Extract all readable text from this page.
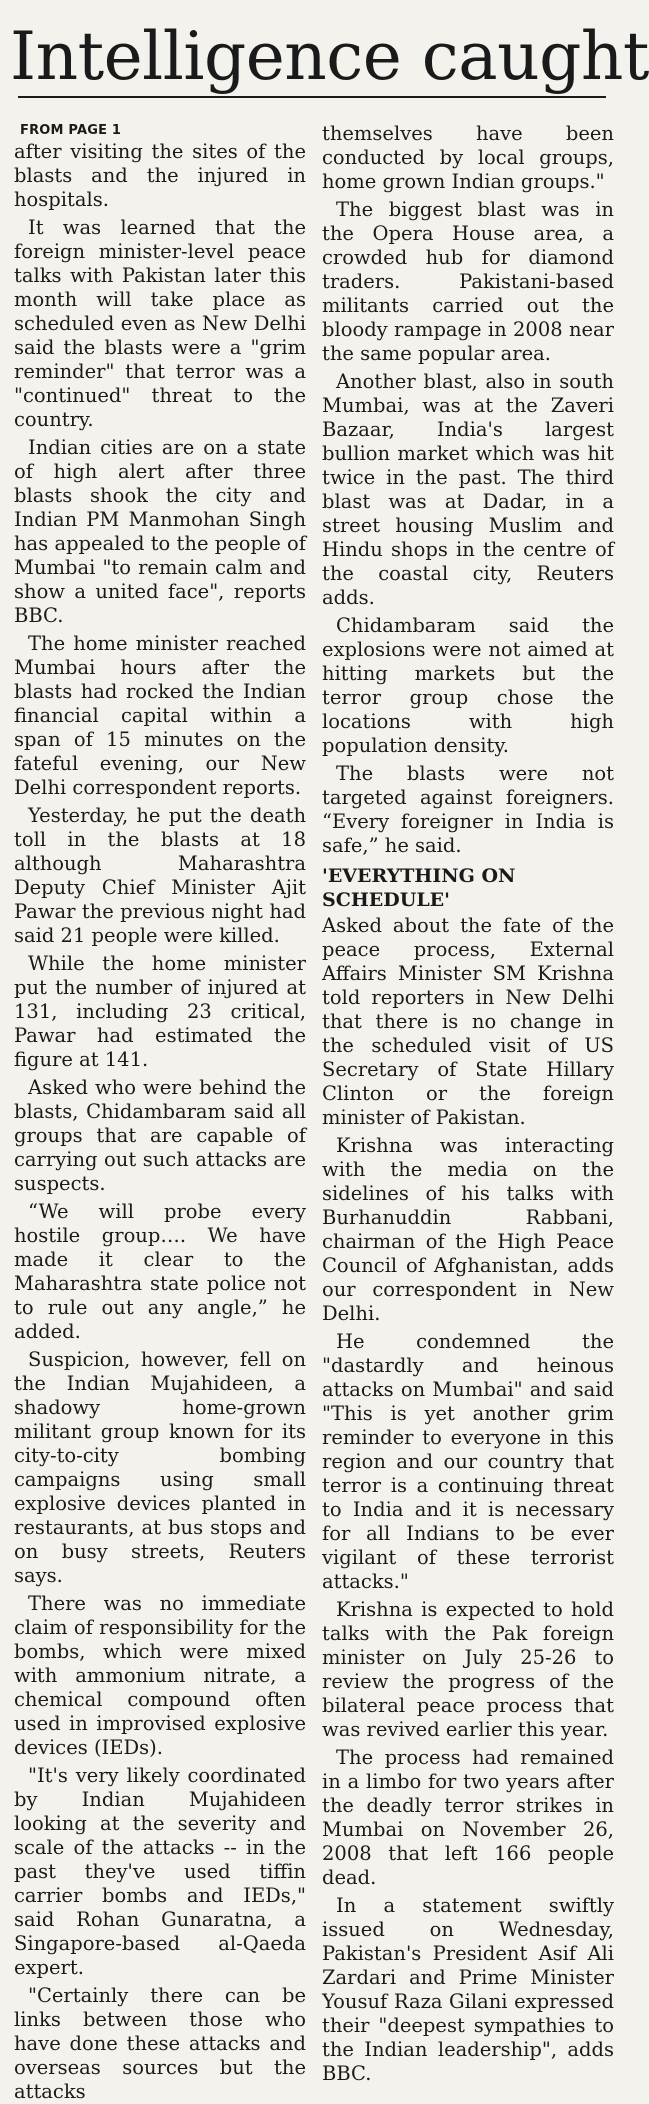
Intelligence caught
FROM PAGE 1

after visiting the sites of the blasts and the injured in hospitals.

It was learned that the foreign minister-level peace talks with Pakistan later this month will take place as scheduled even as New Delhi said the blasts were a "grim reminder" that terror was a "continued" threat to the country.

Indian cities are on a state of high alert after three blasts shook the city and Indian PM Manmohan Singh has appealed to the people of Mumbai "to remain calm and show a united face", reports BBC.

The home minister reached Mumbai hours after the blasts had rocked the Indian financial capital within a span of 15 minutes on the fateful evening, our New Delhi correspondent reports.

Yesterday, he put the death toll in the blasts at 18 although Maharashtra Deputy Chief Minister Ajit Pawar the previous night had said 21 people were killed.

While the home minister put the number of injured at 131, including 23 critical, Pawar had estimated the figure at 141.

Asked who were behind the blasts, Chidambaram said all groups that are capable of carrying out such attacks are suspects.

“We will probe every hostile group…. We have made it clear to the Maharashtra state police not to rule out any angle,” he added.

Suspicion, however, fell on the Indian Mujahideen, a shadowy home-grown militant group known for its city-to-city bombing campaigns using small explosive devices planted in restaurants, at bus stops and on busy streets, Reuters says.

There was no immediate claim of responsibility for the bombs, which were mixed with ammonium nitrate, a chemical compound often used in improvised explosive devices (IEDs).

"It's very likely coordinated by Indian Mujahideen looking at the severity and scale of the attacks -- in the past they've used tiffin carrier bombs and IEDs," said Rohan Gunaratna, a Singapore-based al-Qaeda expert.

"Certainly there can be links between those who have done these attacks and overseas sources but the attacks

themselves have been conducted by local groups, home grown Indian groups."

The biggest blast was in the Opera House area, a crowded hub for diamond traders. Pakistani-based militants carried out the bloody rampage in 2008 near the same popular area.

Another blast, also in south Mumbai, was at the Zaveri Bazaar, India's largest bullion market which was hit twice in the past. The third blast was at Dadar, in a street housing Muslim and Hindu shops in the centre of the coastal city, Reuters adds.

Chidambaram said the explosions were not aimed at hitting markets but the terror group chose the locations with high population density.

The blasts were not targeted against foreigners. “Every foreigner in India is safe,” he said.

'EVERYTHING ON SCHEDULE'

Asked about the fate of the peace process, External Affairs Minister SM Krishna told reporters in New Delhi that there is no change in the scheduled visit of US Secretary of State Hillary Clinton or the foreign minister of Pakistan.

Krishna was interacting with the media on the sidelines of his talks with Burhanuddin Rabbani, chairman of the High Peace Council of Afghanistan, adds our correspondent in New Delhi.

He condemned the "dastardly and heinous attacks on Mumbai" and said "This is yet another grim reminder to everyone in this region and our country that terror is a continuing threat to India and it is necessary for all Indians to be ever vigilant of these terrorist attacks."

Krishna is expected to hold talks with the Pak foreign minister on July 25-26 to review the progress of the bilateral peace process that was revived earlier this year.

The process had remained in a limbo for two years after the deadly terror strikes in Mumbai on November 26, 2008 that left 166 people dead.

In a statement swiftly issued on Wednesday, Pakistan's President Asif Ali Zardari and Prime Minister Yousuf Raza Gilani expressed their "deepest sympathies to the Indian leadership", adds BBC.
